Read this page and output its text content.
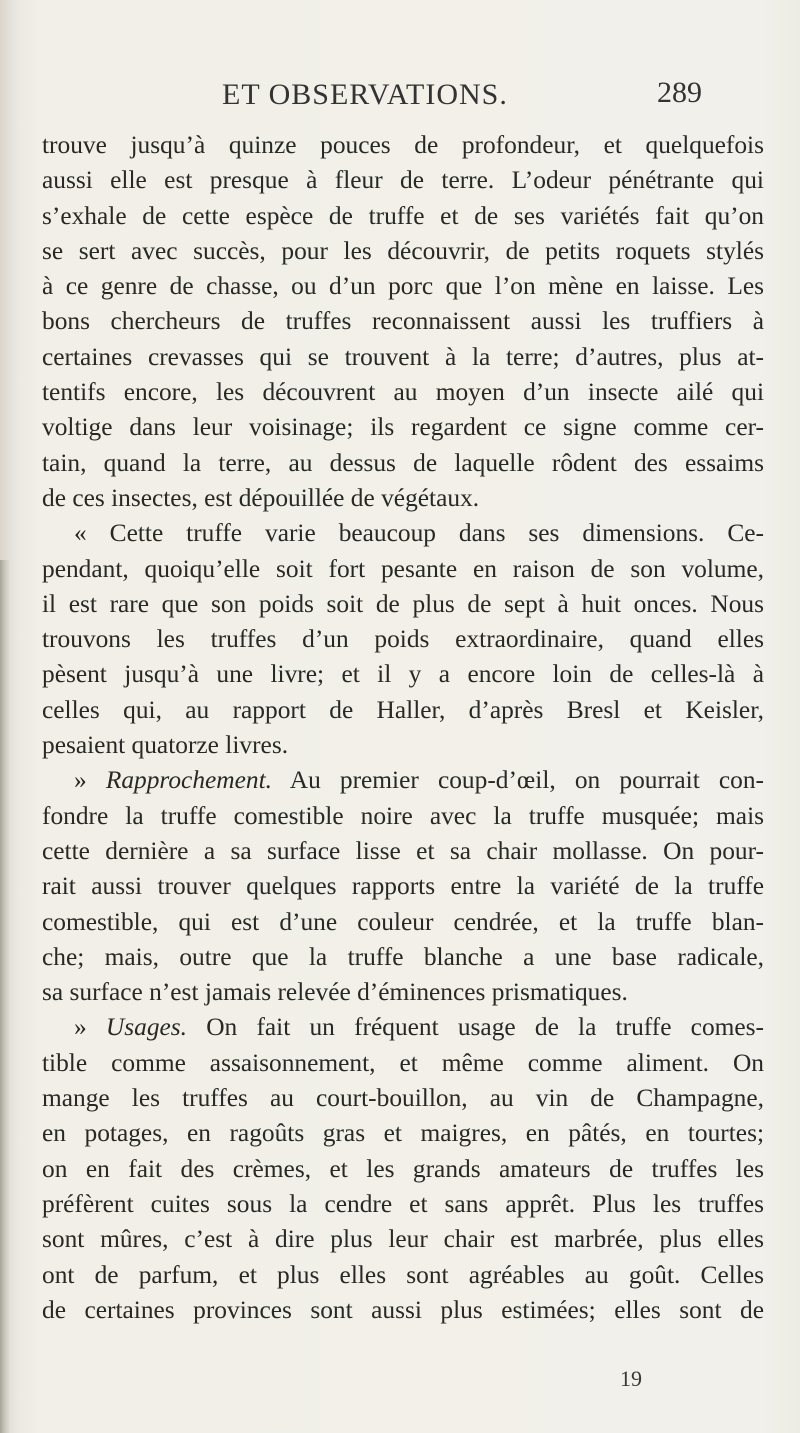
ET OBSERVATIONS.	289
trouve jusqu’à quinze pouces de profondeur, et quelquefois
aussi elle est presque à fleur de terre. L’odeur pénétrante qui
s’exhale de cette espèce de truffe et de ses variétés fait qu’on
se sert avec succès, pour les découvrir, de petits roquets stylés
à ce genre de chasse, ou d’un porc que l’on mène en laisse. Les
bons chercheurs de truffes reconnaissent aussi les truffiers à
certaines crevasses qui se trouvent à la terre; d’autres, plus at-
tentifs encore, les découvrent au moyen d’un insecte ailé qui
voltige dans leur voisinage; ils regardent ce signe comme cer-
tain, quand la terre, au dessus de laquelle rôdent des essaims
de ces insectes, est dépouillée de végétaux.
« Cette truffe varie beaucoup dans ses dimensions. Ce-
pendant, quoiqu’elle soit fort pesante en raison de son volume,
il est rare que son poids soit de plus de sept à huit onces. Nous
trouvons les truffes d’un poids extraordinaire, quand elles
pèsent jusqu’à une livre; et il y a encore loin de celles-là à
celles qui, au rapport de Haller, d’après Bresl et Keisler,
pesaient quatorze livres.
» Rapprochement. Au premier coup-d’œil, on pourrait con-
fondre la truffe comestible noire avec la truffe musquée; mais
cette dernière a sa surface lisse et sa chair mollasse. On pour-
rait aussi trouver quelques rapports entre la variété de la truffe
comestible, qui est d’une couleur cendrée, et la truffe blan-
che; mais, outre que la truffe blanche a une base radicale,
sa surface n’est jamais relevée d’éminences prismatiques.
» Usages. On fait un fréquent usage de la truffe comes-
tible comme assaisonnement, et même comme aliment. On
mange les truffes au court-bouillon, au vin de Champagne,
en potages, en ragoûts gras et maigres, en pâtés, en tourtes;
on en fait des crèmes, et les grands amateurs de truffes les
préfèrent cuites sous la cendre et sans apprêt. Plus les truffes
sont mûres, c’est à dire plus leur chair est marbrée, plus elles
ont de parfum, et plus elles sont agréables au goût. Celles
de certaines provinces sont aussi plus estimées; elles sont de
19
